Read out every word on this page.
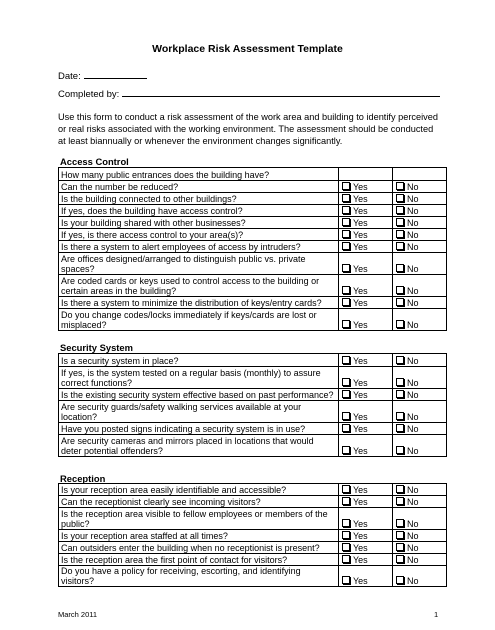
Workplace Risk Assessment Template
Date:
Completed by:
Use this form to conduct a risk assessment of the work area and building to identify perceived or real risks associated with the working environment. The assessment should be conducted at least biannually or whenever the environment changes significantly.
Access Control
How many public entrances does the building have?		
Can the number be reduced?	Yes	No
Is the building connected to other buildings?	Yes	No
If yes, does the building have access control?	Yes	No
Is your building shared with other businesses?	Yes	No
If yes, is there access control to your area(s)?	Yes	No
Is there a system to alert employees of access by intruders?	Yes	No
Are offices designed/arranged to distinguish public vs. private spaces?	Yes	No
Are coded cards or keys used to control access to the building or certain areas in the building?	Yes	No
Is there a system to minimize the distribution of keys/entry cards?	Yes	No
Do you change codes/locks immediately if keys/cards are lost or misplaced?	Yes	No
Security System
Is a security system in place?	Yes	No
If yes, is the system tested on a regular basis (monthly) to assure correct functions?	Yes	No
Is the existing security system effective based on past performance?	Yes	No
Are security guards/safety walking services available at your location?	Yes	No
Have you posted signs indicating a security system is in use?	Yes	No
Are security cameras and mirrors placed in locations that would deter potential offenders?	Yes	No
Reception
Is your reception area easily identifiable and accessible?	Yes	No
Can the receptionist clearly see incoming visitors?	Yes	No
Is the reception area visible to fellow employees or members of the public?	Yes	No
Is your reception area staffed at all times?	Yes	No
Can outsiders enter the building when no receptionist is present?	Yes	No
Is the reception area the first point of contact for visitors?	Yes	No
Do you have a policy for receiving, escorting, and identifying visitors?	Yes	No
March 2011	1
